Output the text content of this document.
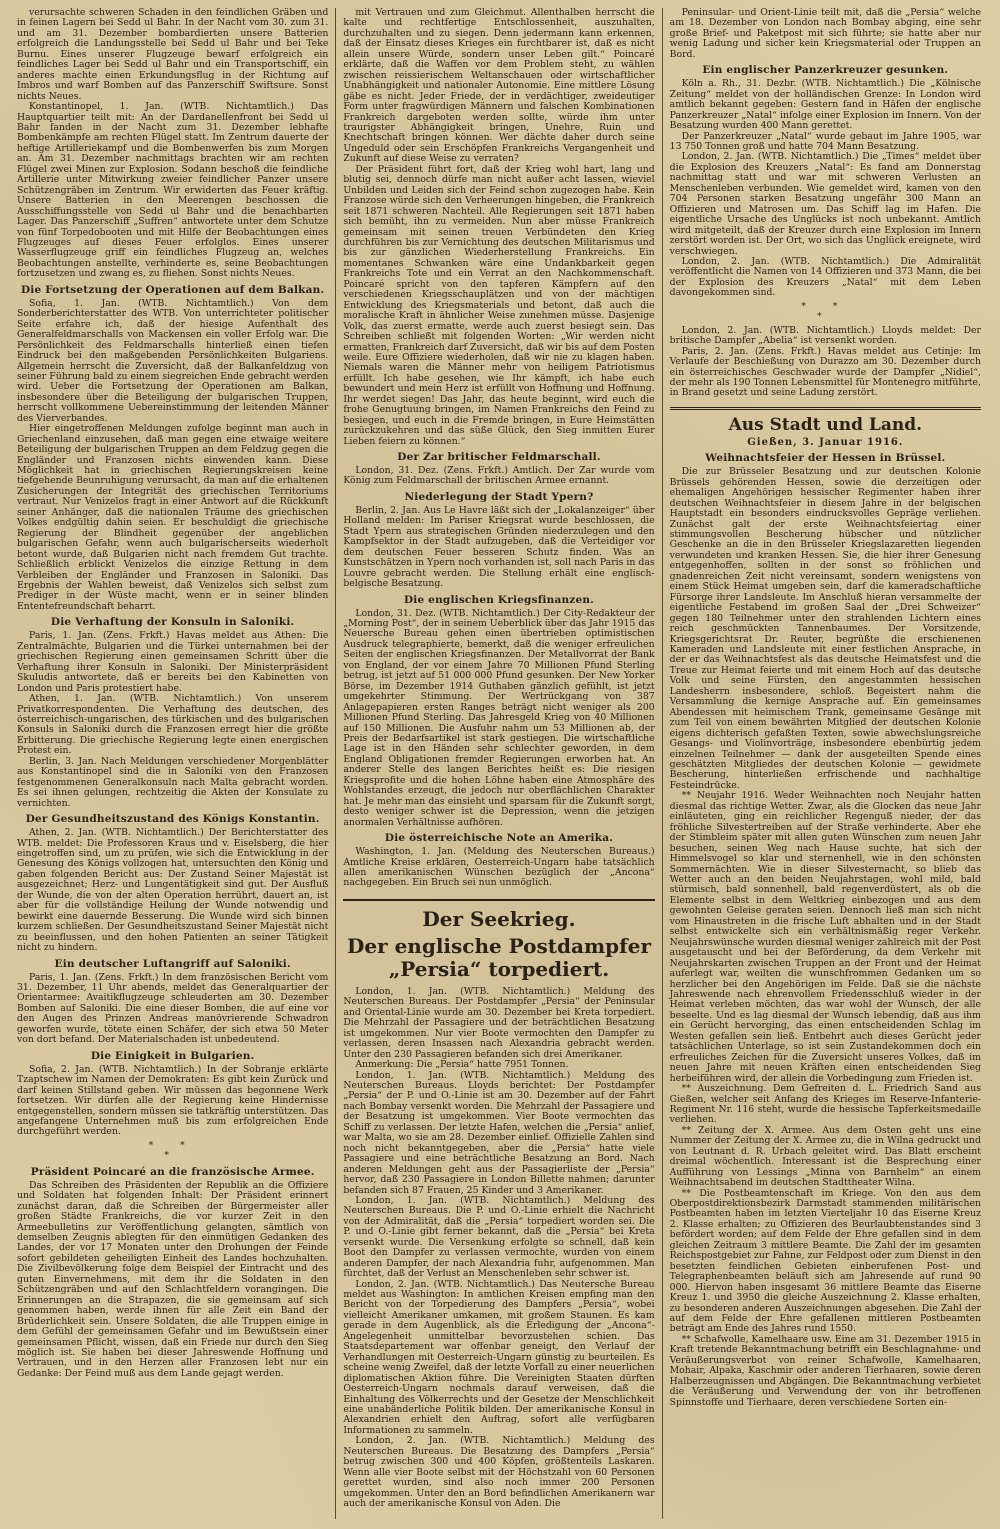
verursachte schweren Schaden in den feindlichen Gräben und in feinen Lagern bei Sedd ul Bahr. In der Nacht vom 30. zum 31. und am 31. Dezember bombardierten unsere Batterien erfolgreich die Landungsstelle bei Sedd ul Bahr und bei Teke Burnu. Eines unserer Flugzeuge bewarf erfolgreich ein feindliches Lager bei Sedd ul Bahr und ein Transportschiff, ein anderes machte einen Erkundungsflug in der Richtung auf Imbros und warf Bomben auf das Panzerschiff Swiftsure. Sonst nichts Neues.

Konstantinopel, 1. Jan. (WTB. Nichtamtlich.) Das Hauptquartier teilt mit: An der Dardanellenfront bei Sedd ul Bahr fanden in der Nacht zum 31. Dezember lebhafte Bombenkämpfe am rechten Flügel statt. Im Zentrum dauerte der heftige Artilleriekampf und die Bombenwerfen bis zum Morgen an. Am 31. Dezember nachmittags brachten wir am rechten Flügel zwei Minen zur Explosion. Sodann beschoß die feindliche Artillerie unter Mitwirkung zweier feindlicher Panzer unsere Schützengräben im Zentrum. Wir erwiderten das Feuer kräftig. Unsere Batterien in den Meerengen beschossen die Ausschiffungsstelle von Sedd ul Bahr und die benachbarten Lager. Das Panzerschiff „Suffren“ antwortete unter dem Schutze von fünf Torpedobooten und mit Hilfe der Beobachtungen eines Flugzeuges auf dieses Feuer erfolglos. Eines unserer Wasserflugzeuge griff ein feindliches Flugzeug an, welches Beobachtungen anstellte, verhinderte es, seine Beobachtungen fortzusetzen und zwang es, zu fliehen. Sonst nichts Neues.

Die Fortsetzung der Operationen auf dem Balkan.

Sofia, 1. Jan. (WTB. Nichtamtlich.) Von dem Sonderberichterstatter des WTB. Von unterrichteter politischer Seite erfahre ich, daß der hiesige Aufenthalt des Generalfeldmarschalls von Mackensen ein voller Erfolg war. Die Persönlichkeit des Feldmarschalls hinterließ einen tiefen Eindruck bei den maßgebenden Persönlichkeiten Bulgariens. Allgemein herrscht die Zuversicht, daß der Balkanfeldzug von seiner Führung bald zu einem siegreichen Ende gebracht werden wird. Ueber die Fortsetzung der Operationen am Balkan, insbesondere über die Beteiligung der bulgarischen Truppen, herrscht vollkommene Uebereinstimmung der leitenden Männer des Vierverbandes.

Hier eingetroffenen Meldungen zufolge beginnt man auch in Griechenland einzusehen, daß man gegen eine etwaige weitere Beteiligung der bulgarischen Truppen an dem Feldzug gegen die Engländer und Franzosen nichts einwenden kann. Diese Möglichkeit hat in griechischen Regierungskreisen keine tiefgehende Beunruhigung verursacht, da man auf die erhaltenen Zusicherungen der Integrität des griechischen Territoriums vertraut. Nur Venizelos fragt in einer Antwort auf die Rückkunft seiner Anhänger, daß die nationalen Träume des griechischen Volkes endgültig dahin seien. Er beschuldigt die griechische Regierung der Blindheit gegenüber der angeblichen bulgarischen Gefahr, wenn auch bulgarischerseits wiederholt betont wurde, daß Bulgarien nicht nach fremdem Gut trachte. Schließlich erblickt Venizelos die einzige Rettung in dem Verbleiben der Engländer und Franzosen in Saloniki. Das Ergebnis der Wahlen beweist, daß Venizelos sich selbst zum Prediger in der Wüste macht, wenn er in seiner blinden Ententefreundschaft beharrt.

Die Verhaftung der Konsuln in Saloniki.

Paris, 1. Jan. (Zens. Frkft.) Havas meldet aus Athen: Die Zentralmächte, Bulgarien und die Türkei unternahmen bei der griechischen Regierung einen gemeinsamen Schritt über die Verhaftung ihrer Konsuln in Saloniki. Der Ministerpräsident Skuludis antwortete, daß er bereits bei den Kabinetten von London und Paris protestiert habe.

Athen, 1. Jan. (WTB. Nichtamtlich.) Von unserem Privatkorrespondenten. Die Verhaftung des deutschen, des österreichisch-ungarischen, des türkischen und des bulgarischen Konsuls in Saloniki durch die Franzosen erregt hier die größte Erbitterung. Die griechische Regierung legte einen energischen Protest ein.

Berlin, 3. Jan. Nach Meldungen verschiedener Morgenblätter aus Konstantinopel sind die in Saloniki von den Franzosen festgenommenen Generalkonsuln nach Malta gebracht worden. Es sei ihnen gelungen, rechtzeitig die Akten der Konsulate zu vernichten.

Der Gesundheitszustand des Königs Konstantin.

Athen, 2. Jan. (WTB. Nichtamtlich.) Der Berichterstatter des WTB. meldet: Die Professoren Kraus und v. Eiselsberg, die hier eingetroffen sind, um zu prüfen, wie sich die Entwicklung in der Genesung des Königs vollzogen hat, untersuchten den König und gaben folgenden Bericht aus: Der Zustand Seiner Majestät ist ausgezeichnet; Herz- und Lungentätigkeit sind gut. Der Ausfluß der Wunde, die von der alten Operation herrührt, dauert an, ist aber für die vollständige Heilung der Wunde notwendig und bewirkt eine dauernde Besserung. Die Wunde wird sich binnen kurzem schließen. Der Gesundheitszustand Seiner Majestät nicht zu beeinflussen, und den hohen Patienten an seiner Tätigkeit nicht zu hindern.

Ein deutscher Luftangriff auf Saloniki.

Paris, 1. Jan. (Zens. Frkft.) In dem französischen Bericht vom 31. Dezember, 11 Uhr abends, meldet das Generalquartier der Orientarmee: Avaitikflugzeuge schleuderten am 30. Dezember Bomben auf Saloniki. Die eine dieser Bomben, die auf eine vor den Augen des Prinzen Andreas manövrierende Schwadron geworfen wurde, tötete einen Schäfer, der sich etwa 50 Meter von dort befand. Der Materialschaden ist unbedeutend.

Die Einigkeit in Bulgarien.

Sofia, 2. Jan. (WTB. Nichtamtlich.) In der Sobranje erklärte Tzaptschew im Namen der Demokraten: Es gibt kein Zurück und darf keinen Stillstand geben. Wir müssen das begonnene Werk fortsetzen. Wir dürfen alle der Regierung keine Hindernisse entgegenstellen, sondern müssen sie tatkräftig unterstützen. Das angefangene Unternehmen muß bis zum erfolgreichen Ende durchgeführt werden.

* *
*
Präsident Poincaré an die französische Armee.

Das Schreiben des Präsidenten der Republik an die Offiziere und Soldaten hat folgenden Inhalt: Der Präsident erinnert zunächst daran, daß die Schreiben der Bürgermeister aller großen Städte Frankreichs, die vor kurzer Zeit in den Armeebulletins zur Veröffentlichung gelangten, sämtlich von demselben Zeugnis ablegten für den einmütigen Gedanken des Landes, der vor 17 Monaten unter den Drohungen der Feinde sofort gebildeten geheiligten Einheit des Landes hochzuhalten. Die Zivilbevölkerung folge dem Beispiel der Eintracht und des guten Einvernehmens, mit dem ihr die Soldaten in den Schützengräben und auf den Schlachtfeldern vorangingen. Die Erinnerungen an die Strapazen, die sie gemeinsam auf sich genommen haben, werde ihnen für alle Zeit ein Band der Brüderlichkeit sein. Unsere Soldaten, die alle Truppen einige in dem Gefühl der gemeinsamen Gefahr und im Bewußtsein einer gemeinsamen Pflicht, wissen, daß ein Friede nur durch den Sieg möglich ist. Sie haben bei dieser Jahreswende Hoffnung und Vertrauen, und in den Herzen aller Franzosen lebt nur ein Gedanke: Der Feind muß aus dem Lande gejagt werden.

mit Vertrauen und zum Gleichmut. Allenthalben herrscht die kalte und rechtfertige Entschlossenheit, auszuhalten, durchzuhalten und zu siegen. Denn jedermann kann erkennen, daß der Einsatz dieses Krieges ein furchtbarer ist, daß es nicht allein unsere Würde, sondern unser Leben gilt.“ Poincaré erklärte, daß die Waffen vor dem Problem steht, zu wählen zwischen reissierischem Weltanschauen oder wirtschaftlicher Unabhängigkeit und nationaler Autonomie. Eine mittlere Lösung gäbe es nicht. Jeder Friede, der in verdächtiger, zweideutiger Form unter fragwürdigen Männern und falschen Kombinationen Frankreich dargeboten werden sollte, würde ihm unter traurigster Abhängigkeit bringen, Unehre, Ruin und Knechtschaft bringen können. Wer dächte daher durch seine Ungeduld oder sein Erschöpfen Frankreichs Vergangenheit und Zukunft auf diese Weise zu verraten?

Der Präsident führt fort, daß der Krieg wohl hart, lang und blutig sei, dennoch dürfe man nicht außer acht lassen, wieviel Unbilden und Leiden sich der Feind schon zugezogen habe. Kein Franzose würde sich den Verheerungen hingeben, die Frankreich seit 1871 schweren Nachteil. Alle Regierungen seit 1871 haben sich bemüht, ihn zu vermeiden. Nun aber müsse Frankreich gemeinsam mit seinen treuen Verbündeten den Krieg durchführen bis zur Vernichtung des deutschen Militarismus und bis zur gänzlichen Wiederherstellung Frankreichs. Ein momentanes Schwanken wäre eine Undankbarkeit gegen Frankreichs Tote und ein Verrat an den Nachkommenschaft. Poincaré spricht von den tapferen Kämpfern auf den verschiedenen Kriegsschauplätzen und von der mächtigen Entwicklung des Kriegsmaterials und betont, daß auch die moralische Kraft in ähnlicher Weise zunehmen müsse. Dasjenige Volk, das zuerst ermatte, werde auch zuerst besiegt sein. Das Schreiben schließt mit folgenden Worten: „Wir werden nicht ermatten, Frankreich darf Zuversicht, daß wir bis auf dem Posten weile. Eure Offiziere wiederholen, daß wir nie zu klagen haben. Niemals waren die Männer mehr von heiligem Patriotismus erfüllt. Ich habe gesehen, wie Ihr kämpft, ich habe euch bewundert und mein Herz ist erfüllt von Hoffnung und Hoffnung. Ihr werdet siegen! Das Jahr, das heute beginnt, wird euch die frohe Genugtuung bringen, im Namen Frankreichs den Feind zu besiegen, und euch in die Fremde bringen, in Eure Heimstätten zurückzukehren und das süße Glück, den Sieg inmitten Eurer Lieben feiern zu können.“

Der Zar britischer Feldmarschall.

London, 31. Dez. (Zens. Frkft.) Amtlich. Der Zar wurde vom König zum Feldmarschall der britischen Armee ernannt.

Niederlegung der Stadt Ypern?

Berlin, 2. Jan. Aus Le Havre läßt sich der „Lokalanzeiger“ über Holland melden: Im Pariser Kriegsrat wurde beschlossen, die Stadt Ypern aus strategischen Gründen niederzulegen und den Kampfsektor in der Stadt aufzugeben, daß die Verteidiger vor dem deutschen Feuer besseren Schutz finden. Was an Kunstschätzen in Ypern noch vorhanden ist, soll nach Paris in das Louvre gebracht werden. Die Stellung erhält eine englisch-belgische Besatzung.

Die englischen Kriegsfinanzen.

London, 31. Dez. (WTB. Nichtamtlich.) Der City-Redakteur der „Morning Post“, der in seinem Ueberblick über das Jahr 1915 das Neuersche Bureau gehen einen übertrieben optimistischen Ausdruck telegraphierte, bemerkt, daß die weniger erfreulichen Seiten der englischen Kriegsfinanzen. Der Metallvorrat der Bank von England, der vor einem Jahre 70 Millionen Pfund Sterling betrug, ist jetzt auf 51 000 000 Pfund gesunken. Der New Yorker Börse, im Dezember 1914 Guthaben gänzlich gefühlt, ist jetzt umgekehrter Stimmung. Der Wertrückgang von 387 Anlagepapieren ersten Ranges beträgt nicht weniger als 200 Millionen Pfund Sterling. Das Jahresgeld Krieg von 40 Millionen auf 150 Millionen. Die Ausfuhr nahm um 53 Millionen ab, der Preis der Bedarfsartikel ist stark gestiegen. Die wirtschaftliche Lage ist in den Händen sehr schlechter geworden, in dem England Obligationen fremder Regierungen erworben hat. An anderer Stelle des langen Berichtes heißt es: Die riesigen Kriegsprofite und die hohen Löhne haben eine Atmosphäre des Wohlstandes erzeugt, die jedoch nur oberflächlichen Charakter hat. Je mehr man das einsieht und sparsam für die Zukunft sorgt, desto weniger schwer ist die Depression, wenn die jetzigen anormalen Verhältnisse aufhören.

Die österreichische Note an Amerika.

Washington, 1. Jan. (Meldung des Neuterschen Bureaus.) Amtliche Kreise erklären, Oesterreich-Ungarn habe tatsächlich allen amerikanischen Wünschen bezüglich der „Ancona“ nachgegeben. Ein Bruch sei nun unmöglich.

Der Seekrieg.
Der englische Postdampfer „Persia“ torpediert.

London, 1. Jan. (WTB. Nichtamtlich.) Meldung des Neuterschen Bureaus. Der Postdampfer „Persia“ der Peninsular and Oriental-Linie wurde am 30. Dezember bei Kreta torpediert. Die Mehrzahl der Passagiere und der beträchtlichen Besatzung ist umgekommen. Nur vier Boote vermochten den Dampfer zu verlassen, deren Insassen nach Alexandria gebracht werden. Unter den 230 Passagieren befanden sich drei Amerikaner.

Anmerkung: Die „Persia“ hatte 7951 Tonnen.

London, 1. Jan. (WTB. Nichtamtlich.) Meldung des Neuterschen Bureaus. Lloyds berichtet: Der Postdampfer „Persia“ der P. und O.-Linie ist am 30. Dezember auf der Fahrt nach Bombay versenkt worden. Die Mehrzahl der Passagiere und der Besatzung ist umgekommen. Vier Boote vermochten das Schiff zu verlassen. Der letzte Hafen, welchen die „Persia“ anlief, war Malta, wo sie am 28. Dezember einlief. Offizielle Zahlen sind noch nicht bekanntgegeben, aber die „Persia“ hatte viele Passagiere und eine beträchtliche Besatzung an Bord. Nach anderen Meldungen geht aus der Passagierliste der „Persia“ hervor, daß 230 Passagiere in London Billette nahmen; darunter befanden sich 87 Frauen, 25 Kinder und 3 Amerikaner.

London, 1. Jan. (WTB. Nichtamtlich.) Meldung des Neuterschen Bureaus. Die P. und O.-Linie erhielt die Nachricht von der Admiralität, daß die „Persia“ torpediert worden sei. Die P. und O.-Linie gibt ferner bekannt, daß die „Persia“ bei Kreta versenkt wurde. Die Versenkung erfolgte so schnell, daß kein Boot den Dampfer zu verlassen vermochte, wurden von einem anderen Dampfer, der nach Alexandria fuhr, aufgenommen. Man fürchtet, daß der Verlust an Menschenleben sehr schwer ist.

London, 2. Jan. (WTB. Nichtamtlich.) Das Neutersche Bureau meldet aus Washington: In amtlichen Kreisen empfing man den Bericht von der Torpedierung des Dampfers „Persia“, wobei vielleicht Amerikaner umkamen, mit großem Staunen. Es kam gerade in dem Augenblick, als die Erledigung der „Ancona“-Angelegenheit unmittelbar bevorzustehen schien. Das Staatsdepartement war offenbar geneigt, den Verlauf der Verhandlungen mit Oesterreich-Ungarn günstig zu beurteilen. Es scheine wenig Zweifel, daß der letzte Vorfall zu einer neuerlichen diplomatischen Aktion führe. Die Vereinigten Staaten dürften Oesterreich-Ungarn nochmals darauf verweisen, daß die Einhaltung des Völkerrechts und der Gesetze der Menschlichkeit eine unabänderliche Politik bilden. Der amerikanische Konsul in Alexandrien erhielt den Auftrag, sofort alle verfügbaren Informationen zu sammeln.

London, 2. Jan. (WTB. Nichtamtlich.) Meldung des Neuterschen Bureaus. Die Besatzung des Dampfers „Persia“ betrug zwischen 300 und 400 Köpfen, größtenteils Laskaren. Wenn alle vier Boote selbst mit der Höchstzahl von 60 Personen gerettet wurden, sind also noch immer 200 Personen umgekommen. Unter den an Bord befindlichen Amerikanern war auch der amerikanische Konsul von Aden. Die

Peninsular- und Orient-Linie teilt mit, daß die „Persia“ welche am 18. Dezember von London nach Bombay abging, eine sehr große Brief- und Paketpost mit sich führte; sie hatte aber nur wenig Ladung und sicher kein Kriegsmaterial oder Truppen an Bord.

Ein englischer Panzerkreuzer gesunken.

Köln a. Rh., 31. Dezbr. (WTB. Nichtamtlich.) Die „Kölnische Zeitung“ meldet von der holländischen Grenze: In London wird amtlich bekannt gegeben: Gestern fand in Häfen der englische Panzerkreuzer „Natal“ infolge einer Explosion im Innern. Von der Besatzung wurden 400 Mann gerettet.

Der Panzerkreuzer „Natal“ wurde gebaut im Jahre 1905, war 13 750 Tonnen groß und hatte 704 Mann Besatzung.

London, 2. Jan. (WTB. Nichtamtlich.) Die „Times“ meldet über die Explosion des Kreuzers „Natal“: Es fand am Donnerstag nachmittag statt und war mit schweren Verlusten an Menschenleben verbunden. Wie gemeldet wird, kamen von den 704 Personen starken Besatzung ungefähr 300 Mann an Offizieren und Matrosen um. Das Schiff lag im Hafen. Die eigentliche Ursache des Unglücks ist noch unbekannt. Amtlich wird mitgeteilt, daß der Kreuzer durch eine Explosion im Innern zerstört worden ist. Der Ort, wo sich das Unglück ereignete, wird verschwiegen.

London, 2. Jan. (WTB. Nichtamtlich.) Die Admiralität veröffentlicht die Namen von 14 Offizieren und 373 Mann, die bei der Explosion des Kreuzers „Natal“ mit dem Leben davongekommen sind.

* *
*

London, 2. Jan. (WTB. Nichtamtlich.) Lloyds meldet: Der britische Dampfer „Abelia“ ist versenkt worden.

Paris, 2. Jan. (Zens. Frkft.) Havas meldet aus Cetinje: Im Verlaufe der Beschießung von Durazzo am 30. Dezember durch ein österreichisches Geschwader wurde der Dampfer „Nidiel“, der mehr als 190 Tonnen Lebensmittel für Montenegro mitführte, in Brand gesetzt und seine Ladung zerstört.

Aus Stadt und Land.
Gießen, 3. Januar 1916.
Weihnachtsfeier der Hessen in Brüssel.

Die zur Brüsseler Besatzung und zur deutschen Kolonie Brüssels gehörenden Hessen, sowie die derzeitigen oder ehemaligen Angehörigen hessischer Regimenter haben ihrer deutschen Weihnachtsfeier in diesem Jahre in der belgischen Hauptstadt ein besonders eindrucksvolles Gepräge verliehen. Zunächst galt der erste Weihnachtsfeiertag einer stimmungsvollen Bescherung hübscher und nützlicher Geschenke an die in den Brüsseler Kriegslazaretten liegenden verwundeten und kranken Hessen. Sie, die hier ihrer Genesung entgegenhoffen, sollten in der sonst so fröhlichen und gnadenreichen Zeit nicht vereinsamt, sondern wenigstens von einem Stück Heimat umgeben sein, darf die kameradschaftliche Fürsorge ihrer Landsleute. Im Anschluß hieran versammelte der eigentliche Festabend im großen Saal der „Drei Schweizer“ gegen 180 Teilnehmer unter den strahlenden Lichtern eines reich geschmückten Tannenbaumes. Der Vorsitzende, Kriegsgerichtsrat Dr. Reuter, begrüßte die erschienenen Kameraden und Landsleute mit einer festlichen Ansprache, in der er das Weihnachtsfest als das deutsche Heimatsfest und die Treue zur Heimat feierte und mit einem Hoch auf das deutsche Volk und seine Fürsten, den angestammten hessischen Landesherrn insbesondere, schloß. Begeistert nahm die Versammlung die kernige Ansprache auf. Ein gemeinsames Abendessen mit heimischem Trank, gemeinsame Gesänge mit zum Teil von einem bewährten Mitglied der deutschen Kolonie eigens dichterisch gefaßten Texten, sowie abwechslungsreiche Gesangs- und Violinvorträge, insbesondere ebenbürtig jedem einzelnen Teilnehmer — dank der ausgeteilten Spende eines geschätzten Mitgliedes der deutschen Kolonie — gewidmete Bescherung, hinterließen erfrischende und nachhaltige Festeindrücke.

** Neujahr 1916. Weder Weihnachten noch Neujahr hatten diesmal das richtige Wetter. Zwar, als die Glocken das neue Jahr einläuteten, ging ein reichlicher Regenguß nieder, der das fröhliche Silvestertreiben auf der Straße verhinderte. Aber ehe der Stimbleim später mit allen guten Wünschen zum neuen Jahr besuchen, seinen Weg nach Hause suchte, hat sich der Himmelsvogel so klar und sternenhell, wie in den schönsten Sommernächten. Wie in dieser Silvesternacht, so blieb das Wetter auch an den beiden Neujahrstagen, wohl mild, bald stürmisch, bald sonnenhell, bald regenverdüstert, als ob die Elemente selbst in dem Weltkrieg einbezogen und aus dem gewohnten Geleise geraten seien. Dennoch ließ man sich nicht vom Hinaustreten in die frische Luft abhalten und in der Stadt selbst entwickelte sich ein verhältnismäßig reger Verkehr. Neujahrswünsche wurden diesmal weniger zahlreich mit der Post ausgetauscht und bei der Beförderung, da dem Verkehr mit Neujahrskarten zwischen Truppen an der Front und der Heimat auferlegt war, weilten die wunschfrommen Gedanken um so herzlicher bei den Angehörigen im Felde. Daß sie die nächste Jahreswende nach ehrenvollem Friedensschluß wieder in der Heimat verleben möchten, das war wohl der Wunsch, der alle beseelte. Und es lag diesmal der Wunsch lebendig, daß aus ihm ein Gerücht hervorging, das einen entscheidenden Schlag im Westen gefallen sein ließ. Entbehrt auch dieses Gerücht jeder tatsächlichen Unterlage, so ist sein Zustandekommen doch ein erfreuliches Zeichen für die Zuversicht unseres Volkes, daß im neuen Jahre mit neuen Kräften einen entscheidenden Sieg herbeiführen wird, der allein die Vorbedingung zum Frieden ist.

** Auszeichnung. Dem Gefreiten d. L. Friedrich Sand aus Gießen, welcher seit Anfang des Krieges im Reserve-Infanterie-Regiment Nr. 116 steht, wurde die hessische Tapferkeitsmedaille verliehen.

** Zeitung der X. Armee. Aus dem Osten geht uns eine Nummer der Zeitung der X. Armee zu, die in Wilna gedruckt und von Leutnant d. R. Urbach geleitet wird. Das Blatt erscheint dreimal wöchentlich. Interessant ist die Besprechung einer Aufführung von Lessings „Minna von Barnhelm“ an einem Weihnachtsabend im deutschen Stadttheater Wilna.

** Die Postbeamtenschaft im Kriege. Von den aus dem Oberpostdirektionsbezirk Darmstadt stammenden militärischen Postbeamten haben im letzten Vierteljahr 10 das Eiserne Kreuz 2. Klasse erhalten; zu Offizieren des Beurlaubtenstandes sind 3 befördert worden; auf dem Felde der Ehre gefallen sind in dem gleichen Zeitraum 3 mittlere Beamte. Die Zahl der im gesamten Reichspostgebiet zur Fahne, zur Feldpost oder zum Dienst in den besetzten feindlichen Gebieten einberufenen Post- und Telegraphenbeamten beläuft sich am Jahresende auf rund 90 000. Hiervon haben insgesamt 36 mittlere Beamte das Eiserne Kreuz 1. und 3950 die gleiche Auszeichnung 2. Klasse erhalten, zu besonderen anderen Auszeichnungen abgesehen. Die Zahl der auf dem Felde der Ehre gefallenen mittleren Postbeamten beträgt am Ende des Jahres rund 1550.

** Schafwolle, Kamelhaare usw. Eine am 31. Dezember 1915 in Kraft tretende Bekanntmachung betrifft ein Beschlagnahme- und Veräußerungsverbot von reiner Schafwolle, Kamelhaaren, Mohair, Alpaka, Kaschmir oder anderen Tierhaaren, sowie deren Halberzeugnissen und Abgängen. Die Bekanntmachung verbietet die Veräußerung und Verwendung der von ihr betroffenen Spinnstoffe und Tierhaare, deren verschiedene Sorten ein-
